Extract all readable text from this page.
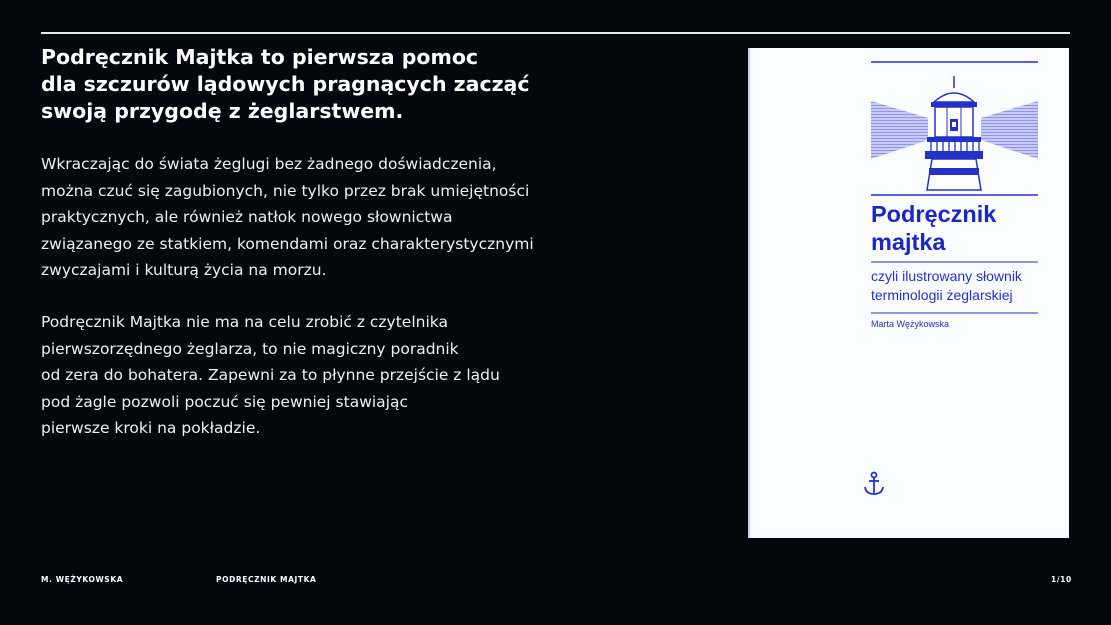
Podręcznik Majtka to pierwsza pomoc
dla szczurów lądowych pragnących zacząć
swoją przygodę z żeglarstwem.

Wkraczając do świata żeglugi bez żadnego doświadczenia,
można czuć się zagubionych, nie tylko przez brak umiejętności
praktycznych, ale również natłok nowego słownictwa
związanego ze statkiem, komendami oraz charakterystycznymi
zwyczajami i kulturą życia na morzu.

Podręcznik Majtka nie ma na celu zrobić z czytelnika
pierwszorzędnego żeglarza, to nie magiczny poradnik
od zera do bohatera. Zapewni za to płynne przejście z lądu
pod żagle pozwoli poczuć się pewniej stawiając
pierwsze kroki na pokładzie.

Podręcznik
majtka
czyli ilustrowany słownik
terminologii żeglarskiej
Marta Wężykowska
M. WĘŻYKOWSKA	PODRĘCZNIK MAJTKA	1/10
